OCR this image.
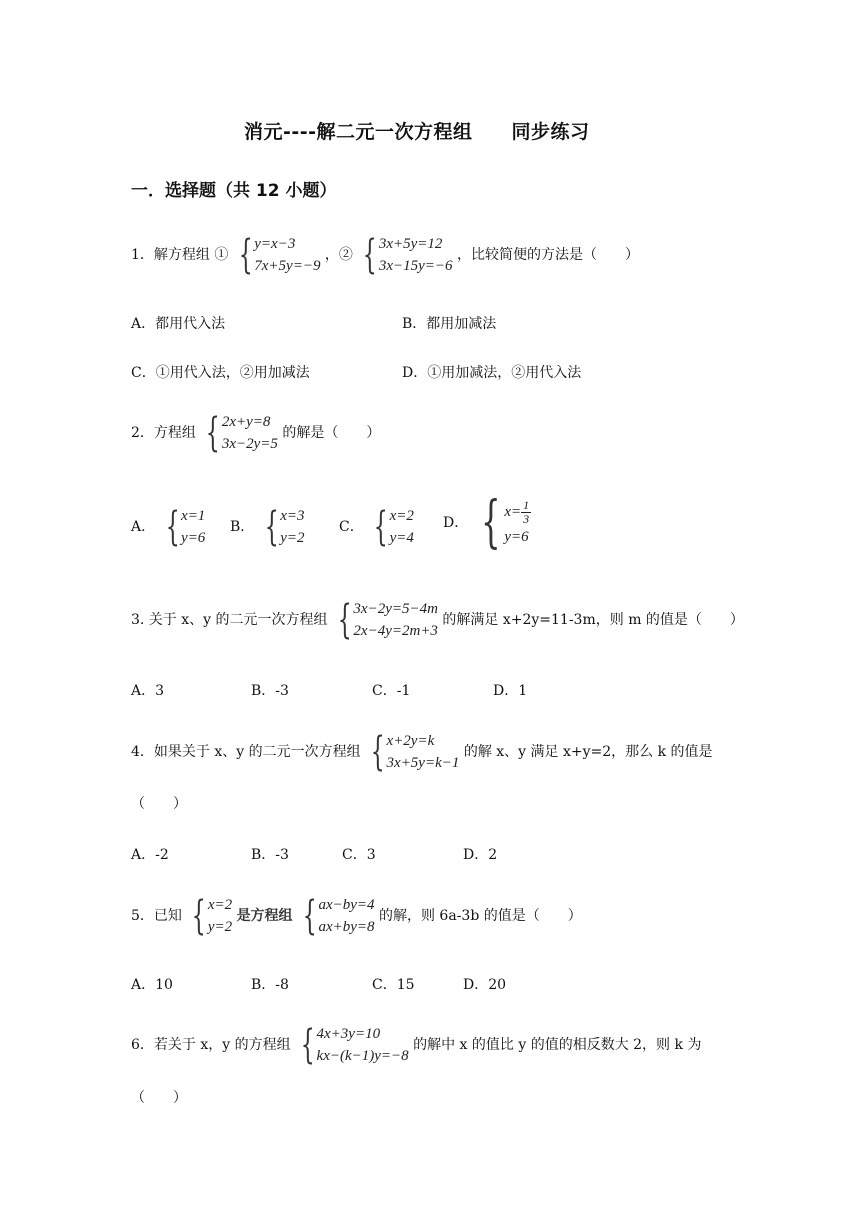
消元----解二元一次方程组　　同步练习
一．选择题（共 12 小题）
1．解方程组 ① { y=x−3
7x+5y=−9
，② { 3x+5y=12
3x−15y=−6
，比较简便的方法是（　　）
A．都用代入法	B．都用加减法
C．①用代入法，②用加减法	D．①用加减法，②用代入法
2．方程组 { 2x+y=8
3x−2y=5
的解是（　　）
A． { x=1
y=6
B． { x=3
y=2
C． { x=2
y=4
D． { $x= \frac{1}{3}$
y=6
3. 关于 x、y 的二元一次方程组 { 3x−2y=5−4m
2x−4y=2m+3
的解满足 x+2y=11-3m，则 m 的值是（　　）
A．3	B．-3	C．-1	D．1
4．如果关于 x、y 的二元一次方程组 { x+2y=k
3x+5y=k−1
的解 x、y 满足 x+y=2，那么 k 的值是
（　　）
A．-2	B．-3	C．3	D．2
5．已知 { x=2
y=2
是方程组 { ax−by=4
ax+by=8
的解，则 6a-3b 的值是（　　）
A．10	B．-8	C．15	D．20
6．若关于 x，y 的方程组 { 4x+3y=10
kx−(k−1)y=−8
的解中 x 的值比 y 的值的相反数大 2，则 k 为
（　　）
